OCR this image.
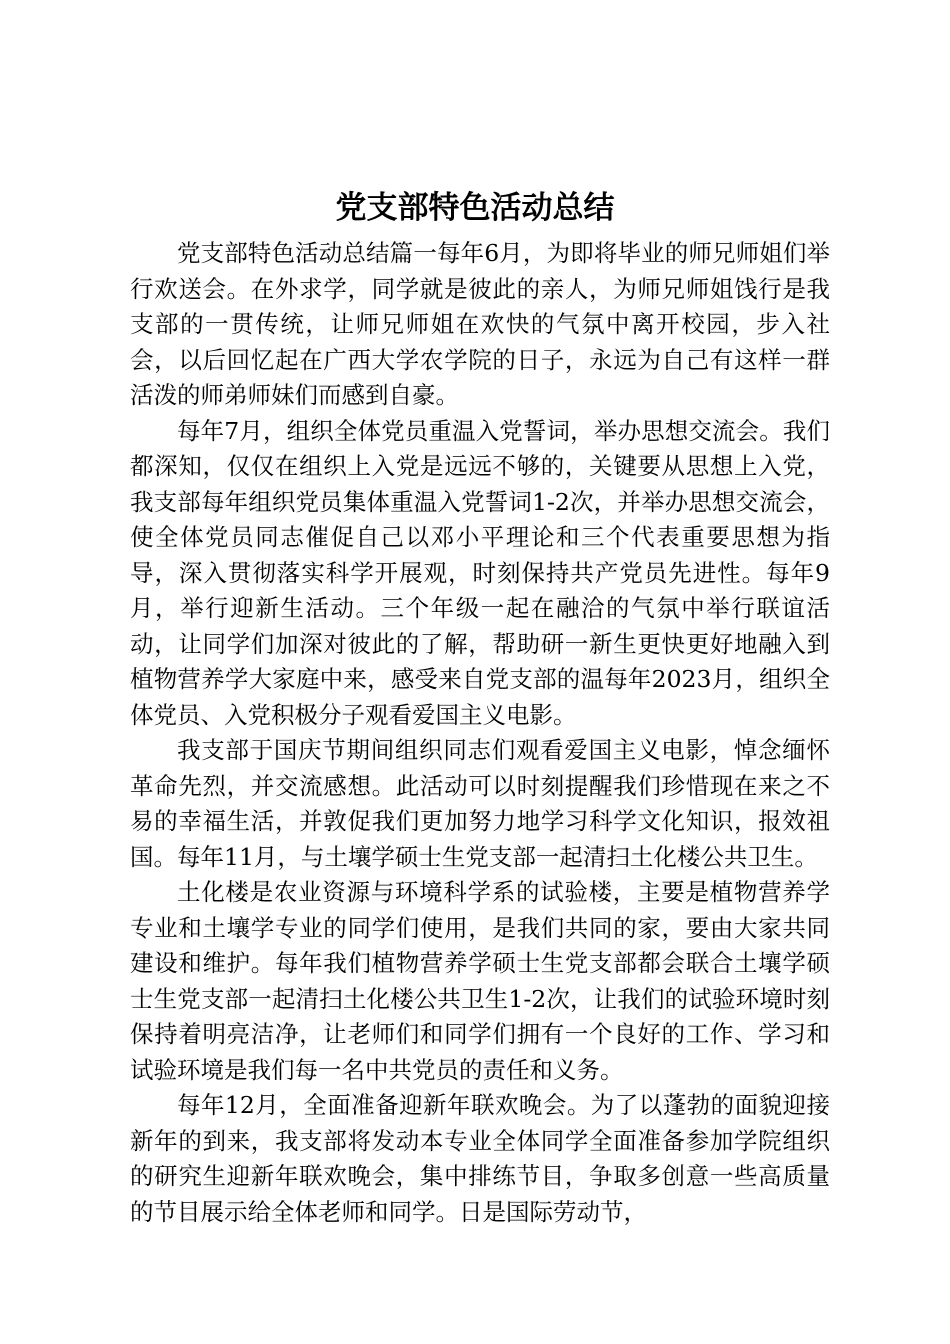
党支部特色活动总结

党支部特色活动总结篇一每年6月，为即将毕业的师兄师姐们举行欢送会。在外求学，同学就是彼此的亲人，为师兄师姐饯行是我支部的一贯传统，让师兄师姐在欢快的气氛中离开校园，步入社会，以后回忆起在广西大学农学院的日子，永远为自己有这样一群活泼的师弟师妹们而感到自豪。

每年7月，组织全体党员重温入党誓词，举办思想交流会。我们都深知，仅仅在组织上入党是远远不够的，关键要从思想上入党，我支部每年组织党员集体重温入党誓词1-2次，并举办思想交流会，使全体党员同志催促自己以邓小平理论和三个代表重要思想为指导，深入贯彻落实科学开展观，时刻保持共产党员先进性。每年9月，举行迎新生活动。三个年级一起在融洽的气氛中举行联谊活动，让同学们加深对彼此的了解，帮助研一新生更快更好地融入到植物营养学大家庭中来，感受来自党支部的温每年2023月，组织全体党员、入党积极分子观看爱国主义电影。

我支部于国庆节期间组织同志们观看爱国主义电影，悼念缅怀革命先烈，并交流感想。此活动可以时刻提醒我们珍惜现在来之不易的幸福生活，并敦促我们更加努力地学习科学文化知识，报效祖国。每年11月，与土壤学硕士生党支部一起清扫土化楼公共卫生。

土化楼是农业资源与环境科学系的试验楼，主要是植物营养学专业和土壤学专业的同学们使用，是我们共同的家，要由大家共同建设和维护。每年我们植物营养学硕士生党支部都会联合土壤学硕士生党支部一起清扫土化楼公共卫生1-2次，让我们的试验环境时刻保持着明亮洁净，让老师们和同学们拥有一个良好的工作、学习和试验环境是我们每一名中共党员的责任和义务。

每年12月，全面准备迎新年联欢晚会。为了以蓬勃的面貌迎接新年的到来，我支部将发动本专业全体同学全面准备参加学院组织的研究生迎新年联欢晚会，集中排练节目，争取多创意一些高质量的节目展示给全体老师和同学。日是国际劳动节，
